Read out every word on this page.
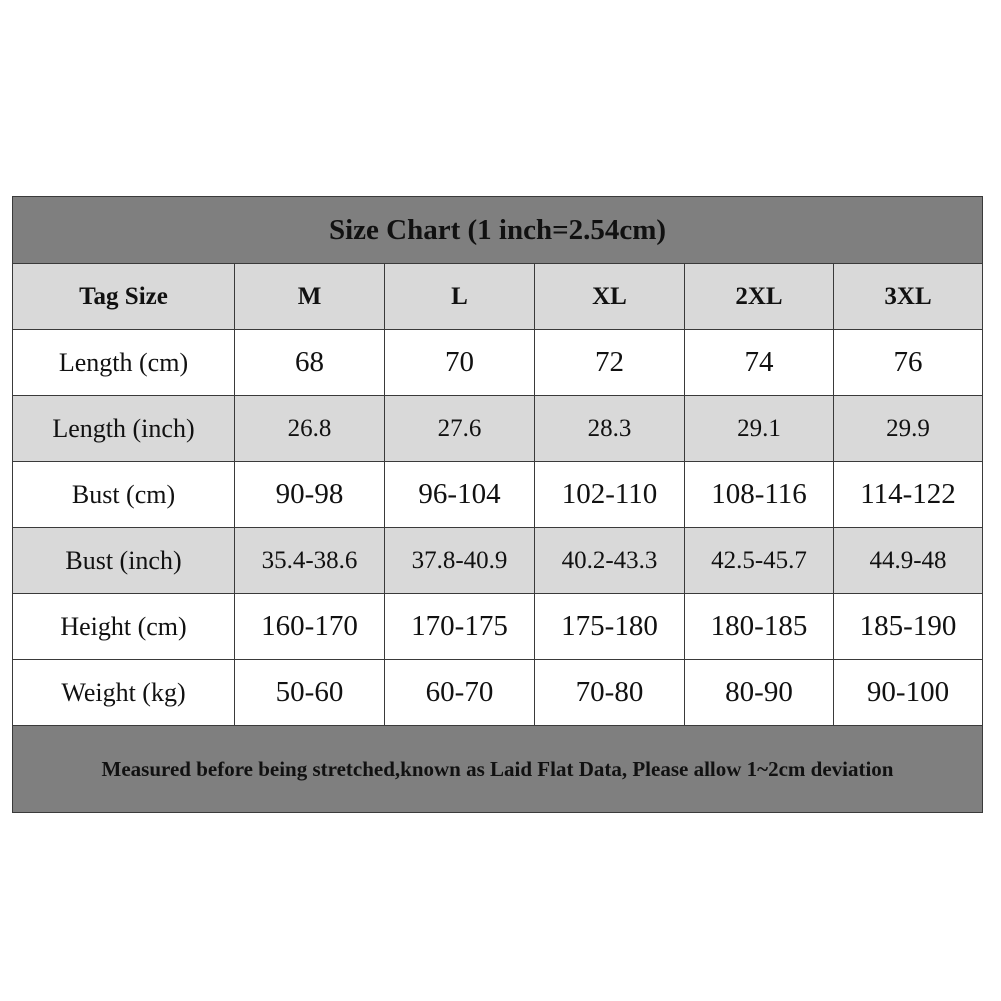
Size Chart (1 inch=2.54cm)					
Tag Size	M	L	XL	2XL	3XL
Length (cm)	68	70	72	74	76
Length (inch)	26.8	27.6	28.3	29.1	29.9
Bust (cm)	90-98	96-104	102-110	108-116	114-122
Bust (inch)	35.4-38.6	37.8-40.9	40.2-43.3	42.5-45.7	44.9-48
Height (cm)	160-170	170-175	175-180	180-185	185-190
Weight (kg)	50-60	60-70	70-80	80-90	90-100
Measured before being stretched,known as Laid Flat Data, Please allow 1~2cm deviation					
